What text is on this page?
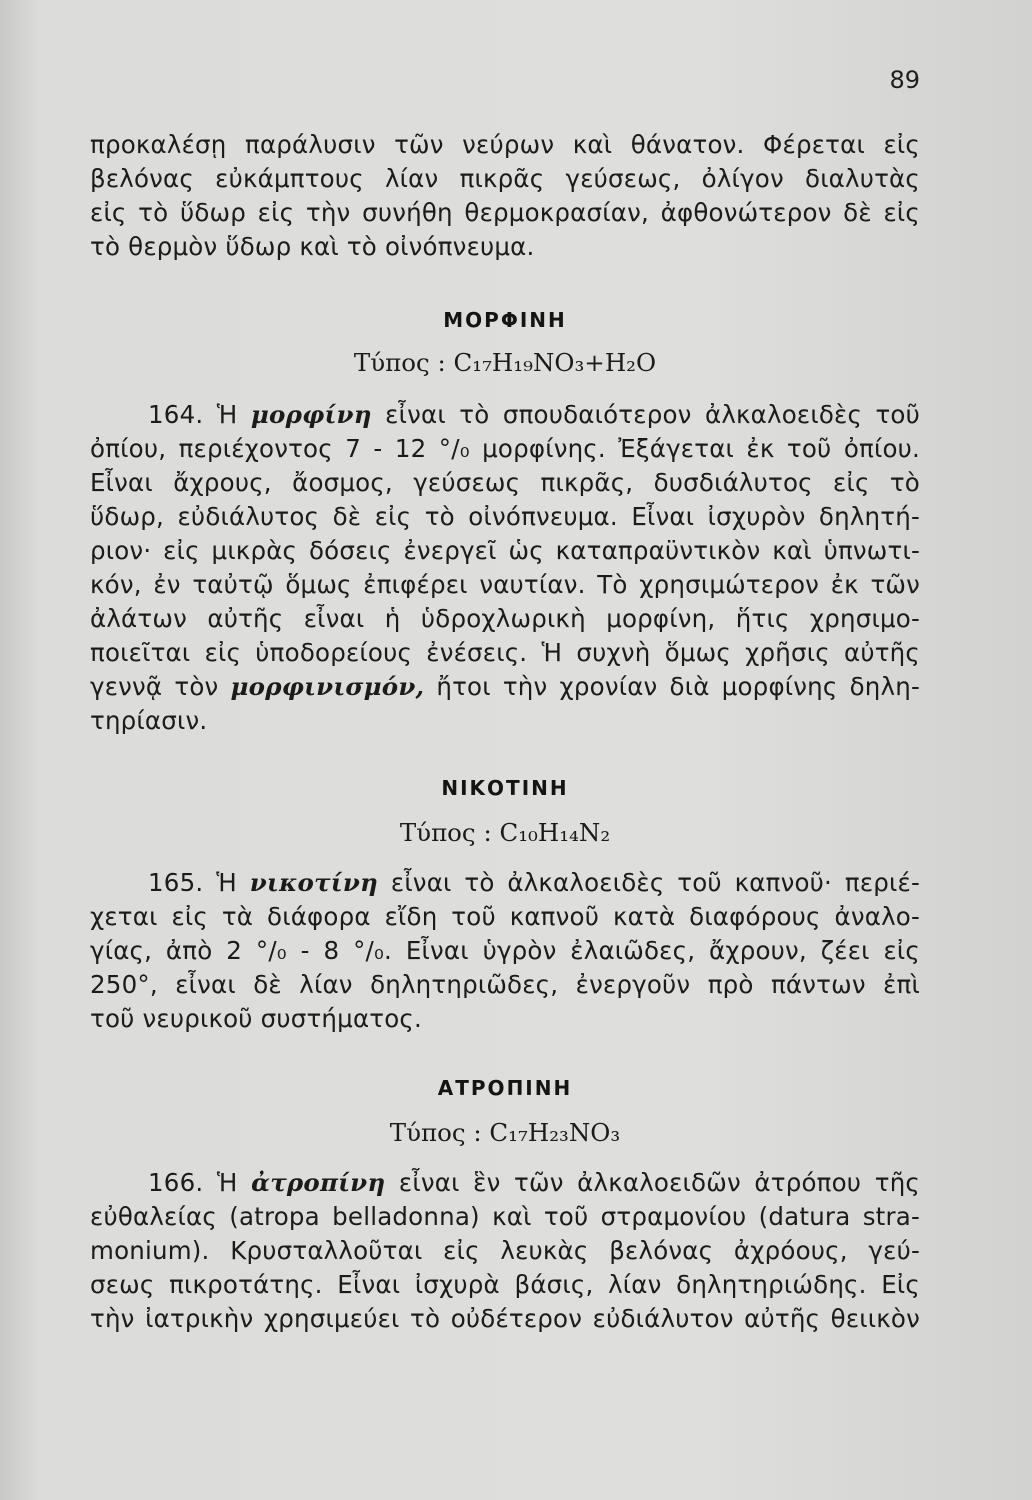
89
προκαλέσῃ παράλυσιν τῶν νεύρων καὶ θάνατον. Φέρεται εἰς
βελόνας εὐκάμπτους λίαν πικρᾶς γεύσεως, ὀλίγον διαλυτὰς
εἰς τὸ ὕδωρ εἰς τὴν συνήθη θερμοκρασίαν, ἀφθονώτερον δὲ εἰς
τὸ θερμὸν ὕδωρ καὶ τὸ οἰνόπνευμα.
ΜΟΡΦΙΝΗ
Τύπος : C₁₇H₁₉NO₃+H₂O
164. Ἡ μορφίνη εἶναι τὸ σπουδαιότερον ἀλκαλοειδὲς τοῦ
ὀπίου, περιέχοντος 7 - 12 °/₀ μορφίνης. Ἐξάγεται ἐκ τοῦ ὀπίου.
Εἶναι ἄχρους, ἄοσμος, γεύσεως πικρᾶς, δυσδιάλυτος εἰς τὸ
ὕδωρ, εὐδιάλυτος δὲ εἰς τὸ οἰνόπνευμα. Εἶναι ἰσχυρὸν δηλητή-
ριον· εἰς μικρὰς δόσεις ἐνεργεῖ ὡς καταπραϋντικὸν καὶ ὑπνωτι-
κόν, ἐν ταὐτῷ ὅμως ἐπιφέρει ναυτίαν. Τὸ χρησιμώτερον ἐκ τῶν
ἀλάτων αὐτῆς εἶναι ἡ ὑδροχλωρικὴ μορφίνη, ἥτις χρησιμο-
ποιεῖται εἰς ὑποδορείους ἐνέσεις. Ἡ συχνὴ ὅμως χρῆσις αὐτῆς
γεννᾷ τὸν μορφινισμόν, ἤτοι τὴν χρονίαν διὰ μορφίνης δηλη-
τηρίασιν.
ΝΙΚΟΤΙΝΗ
Τύπος : C₁₀H₁₄N₂
165. Ἡ νικοτίνη εἶναι τὸ ἀλκαλοειδὲς τοῦ καπνοῦ· περιέ-
χεται εἰς τὰ διάφορα εἴδη τοῦ καπνοῦ κατὰ διαφόρους ἀναλο-
γίας, ἀπὸ 2 °/₀ - 8 °/₀. Εἶναι ὑγρὸν ἐλαιῶδες, ἄχρουν, ζέει εἰς
250°, εἶναι δὲ λίαν δηλητηριῶδες, ἐνεργοῦν πρὸ πάντων ἐπὶ
τοῦ νευρικοῦ συστήματος.
ΑΤΡΟΠΙΝΗ
Τύπος : C₁₇H₂₃NO₃
166. Ἡ ἀτροπίνη εἶναι ἓν τῶν ἀλκαλοειδῶν ἀτρόπου τῆς
εὐθαλείας (atropa belladonna) καὶ τοῦ στραμονίου (datura stra-
monium). Κρυσταλλοῦται εἰς λευκὰς βελόνας ἀχρόους, γεύ-
σεως πικροτάτης. Εἶναι ἰσχυρὰ βάσις, λίαν δηλητηριώδης. Εἰς
τὴν ἰατρικὴν χρησιμεύει τὸ οὐδέτερον εὐδιάλυτον αὐτῆς θειικὸν
